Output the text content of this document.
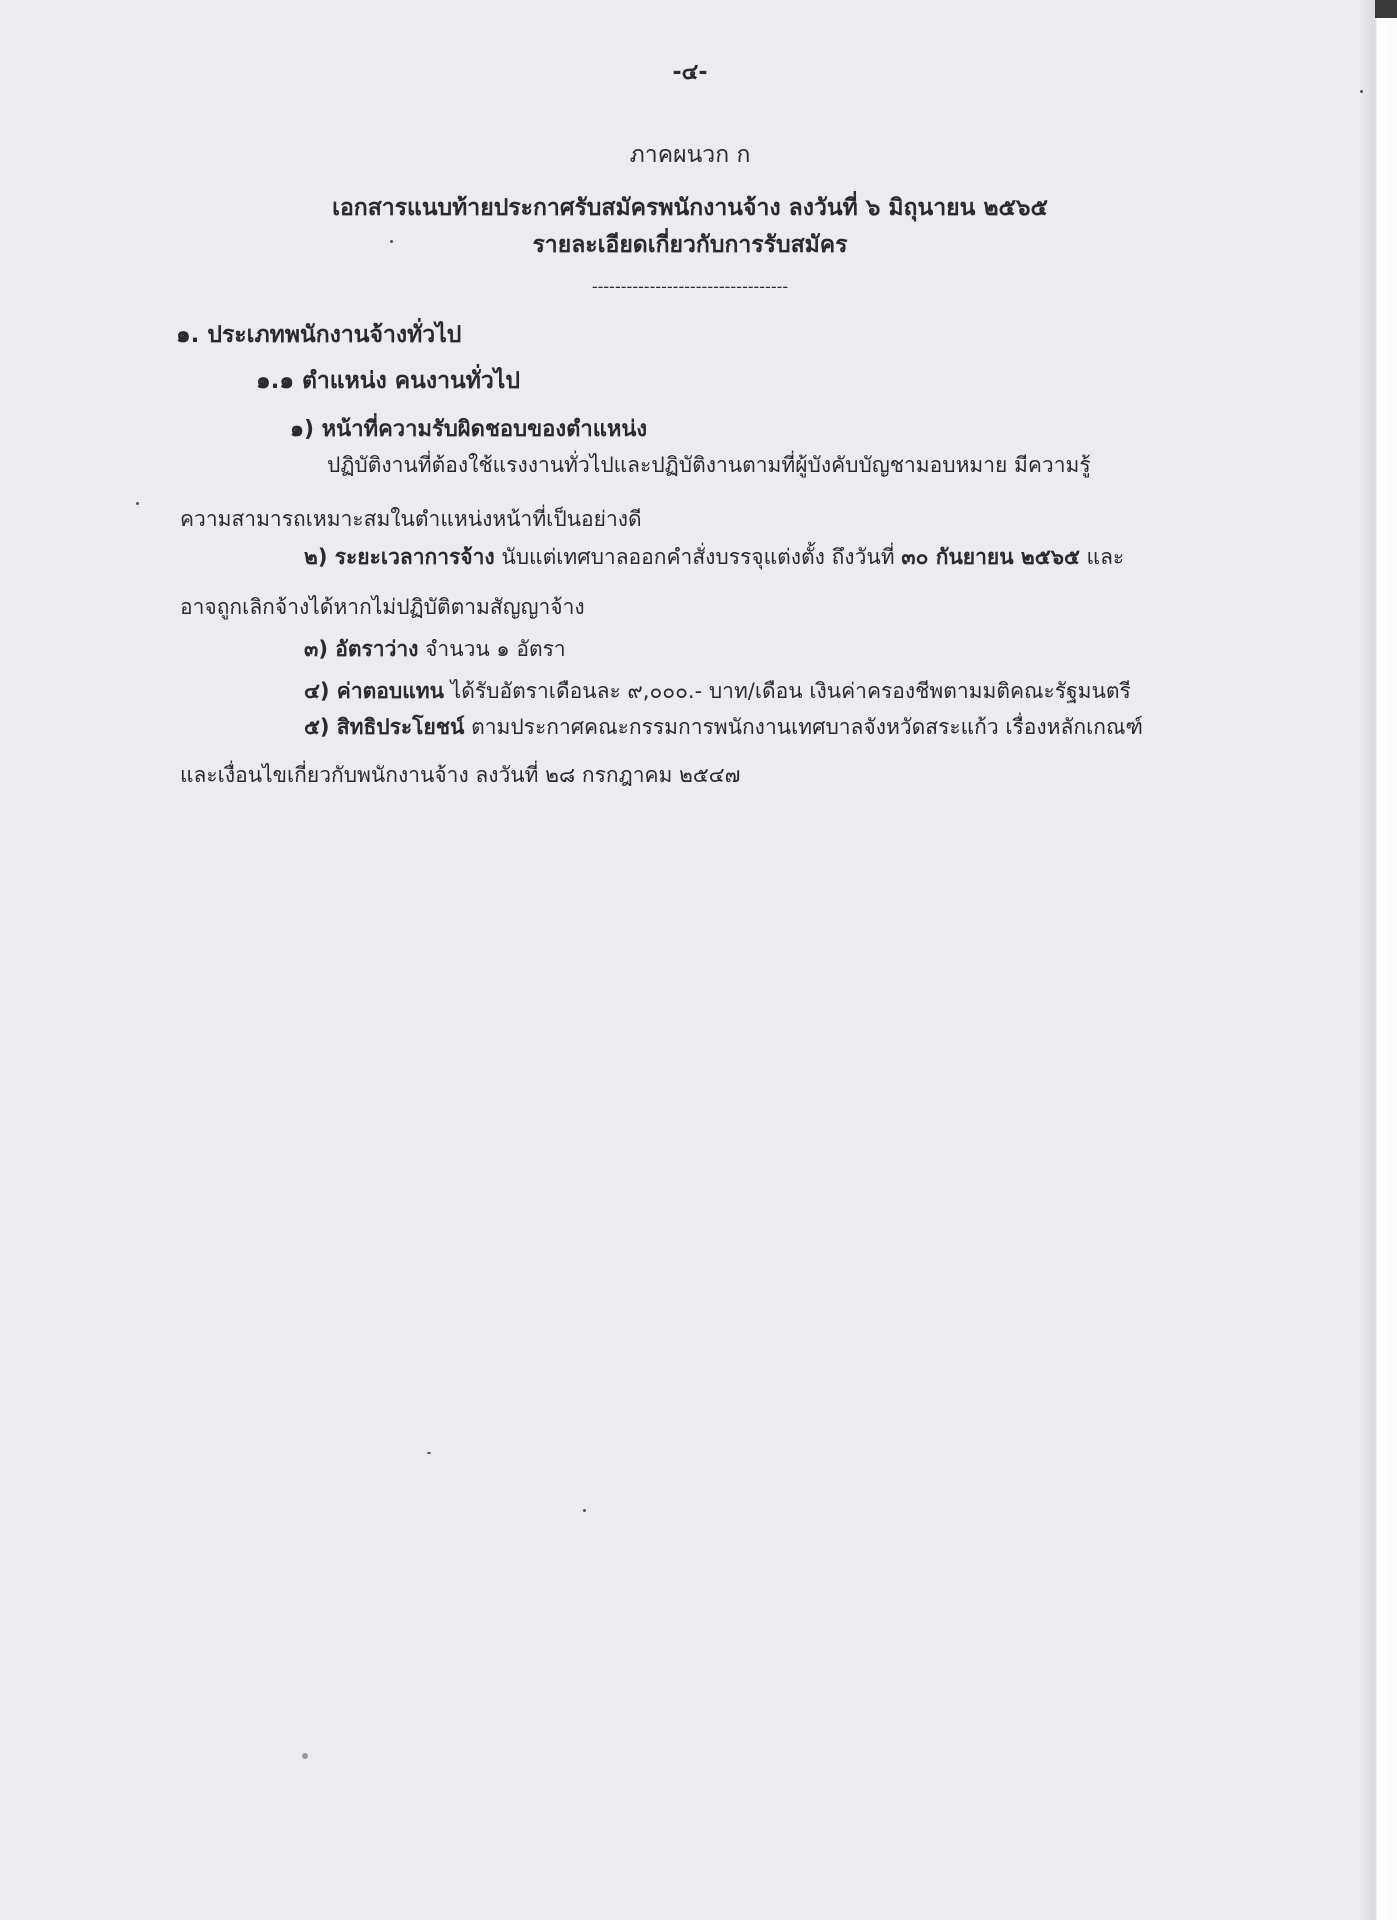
-๔-
ภาคผนวก ก
เอกสารแนบท้ายประกาศรับสมัครพนักงานจ้าง ลงวันที่ ๖ มิถุนายน ๒๕๖๕
รายละเอียดเกี่ยวกับการรับสมัคร
----------------------------------
๑. ประเภทพนักงานจ้างทั่วไป
๑.๑ ตำแหน่ง คนงานทั่วไป
๑) หน้าที่ความรับผิดชอบของตำแหน่ง
ปฏิบัติงานที่ต้องใช้แรงงานทั่วไปและปฏิบัติงานตามที่ผู้บังคับบัญชามอบหมาย มีความรู้
ความสามารถเหมาะสมในตำแหน่งหน้าที่เป็นอย่างดี
๒) ระยะเวลาการจ้าง นับแต่เทศบาลออกคำสั่งบรรจุแต่งตั้ง ถึงวันที่ ๓๐ กันยายน ๒๕๖๕ และ
อาจถูกเลิกจ้างได้หากไม่ปฏิบัติตามสัญญาจ้าง
๓) อัตราว่าง จำนวน ๑ อัตรา
๔) ค่าตอบแทน ได้รับอัตราเดือนละ ๙,๐๐๐.- บาท/เดือน เงินค่าครองชีพตามมติคณะรัฐมนตรี
๕) สิทธิประโยชน์ ตามประกาศคณะกรรมการพนักงานเทศบาลจังหวัดสระแก้ว เรื่องหลักเกณฑ์
และเงื่อนไขเกี่ยวกับพนักงานจ้าง ลงวันที่ ๒๘ กรกฎาคม ๒๕๔๗
